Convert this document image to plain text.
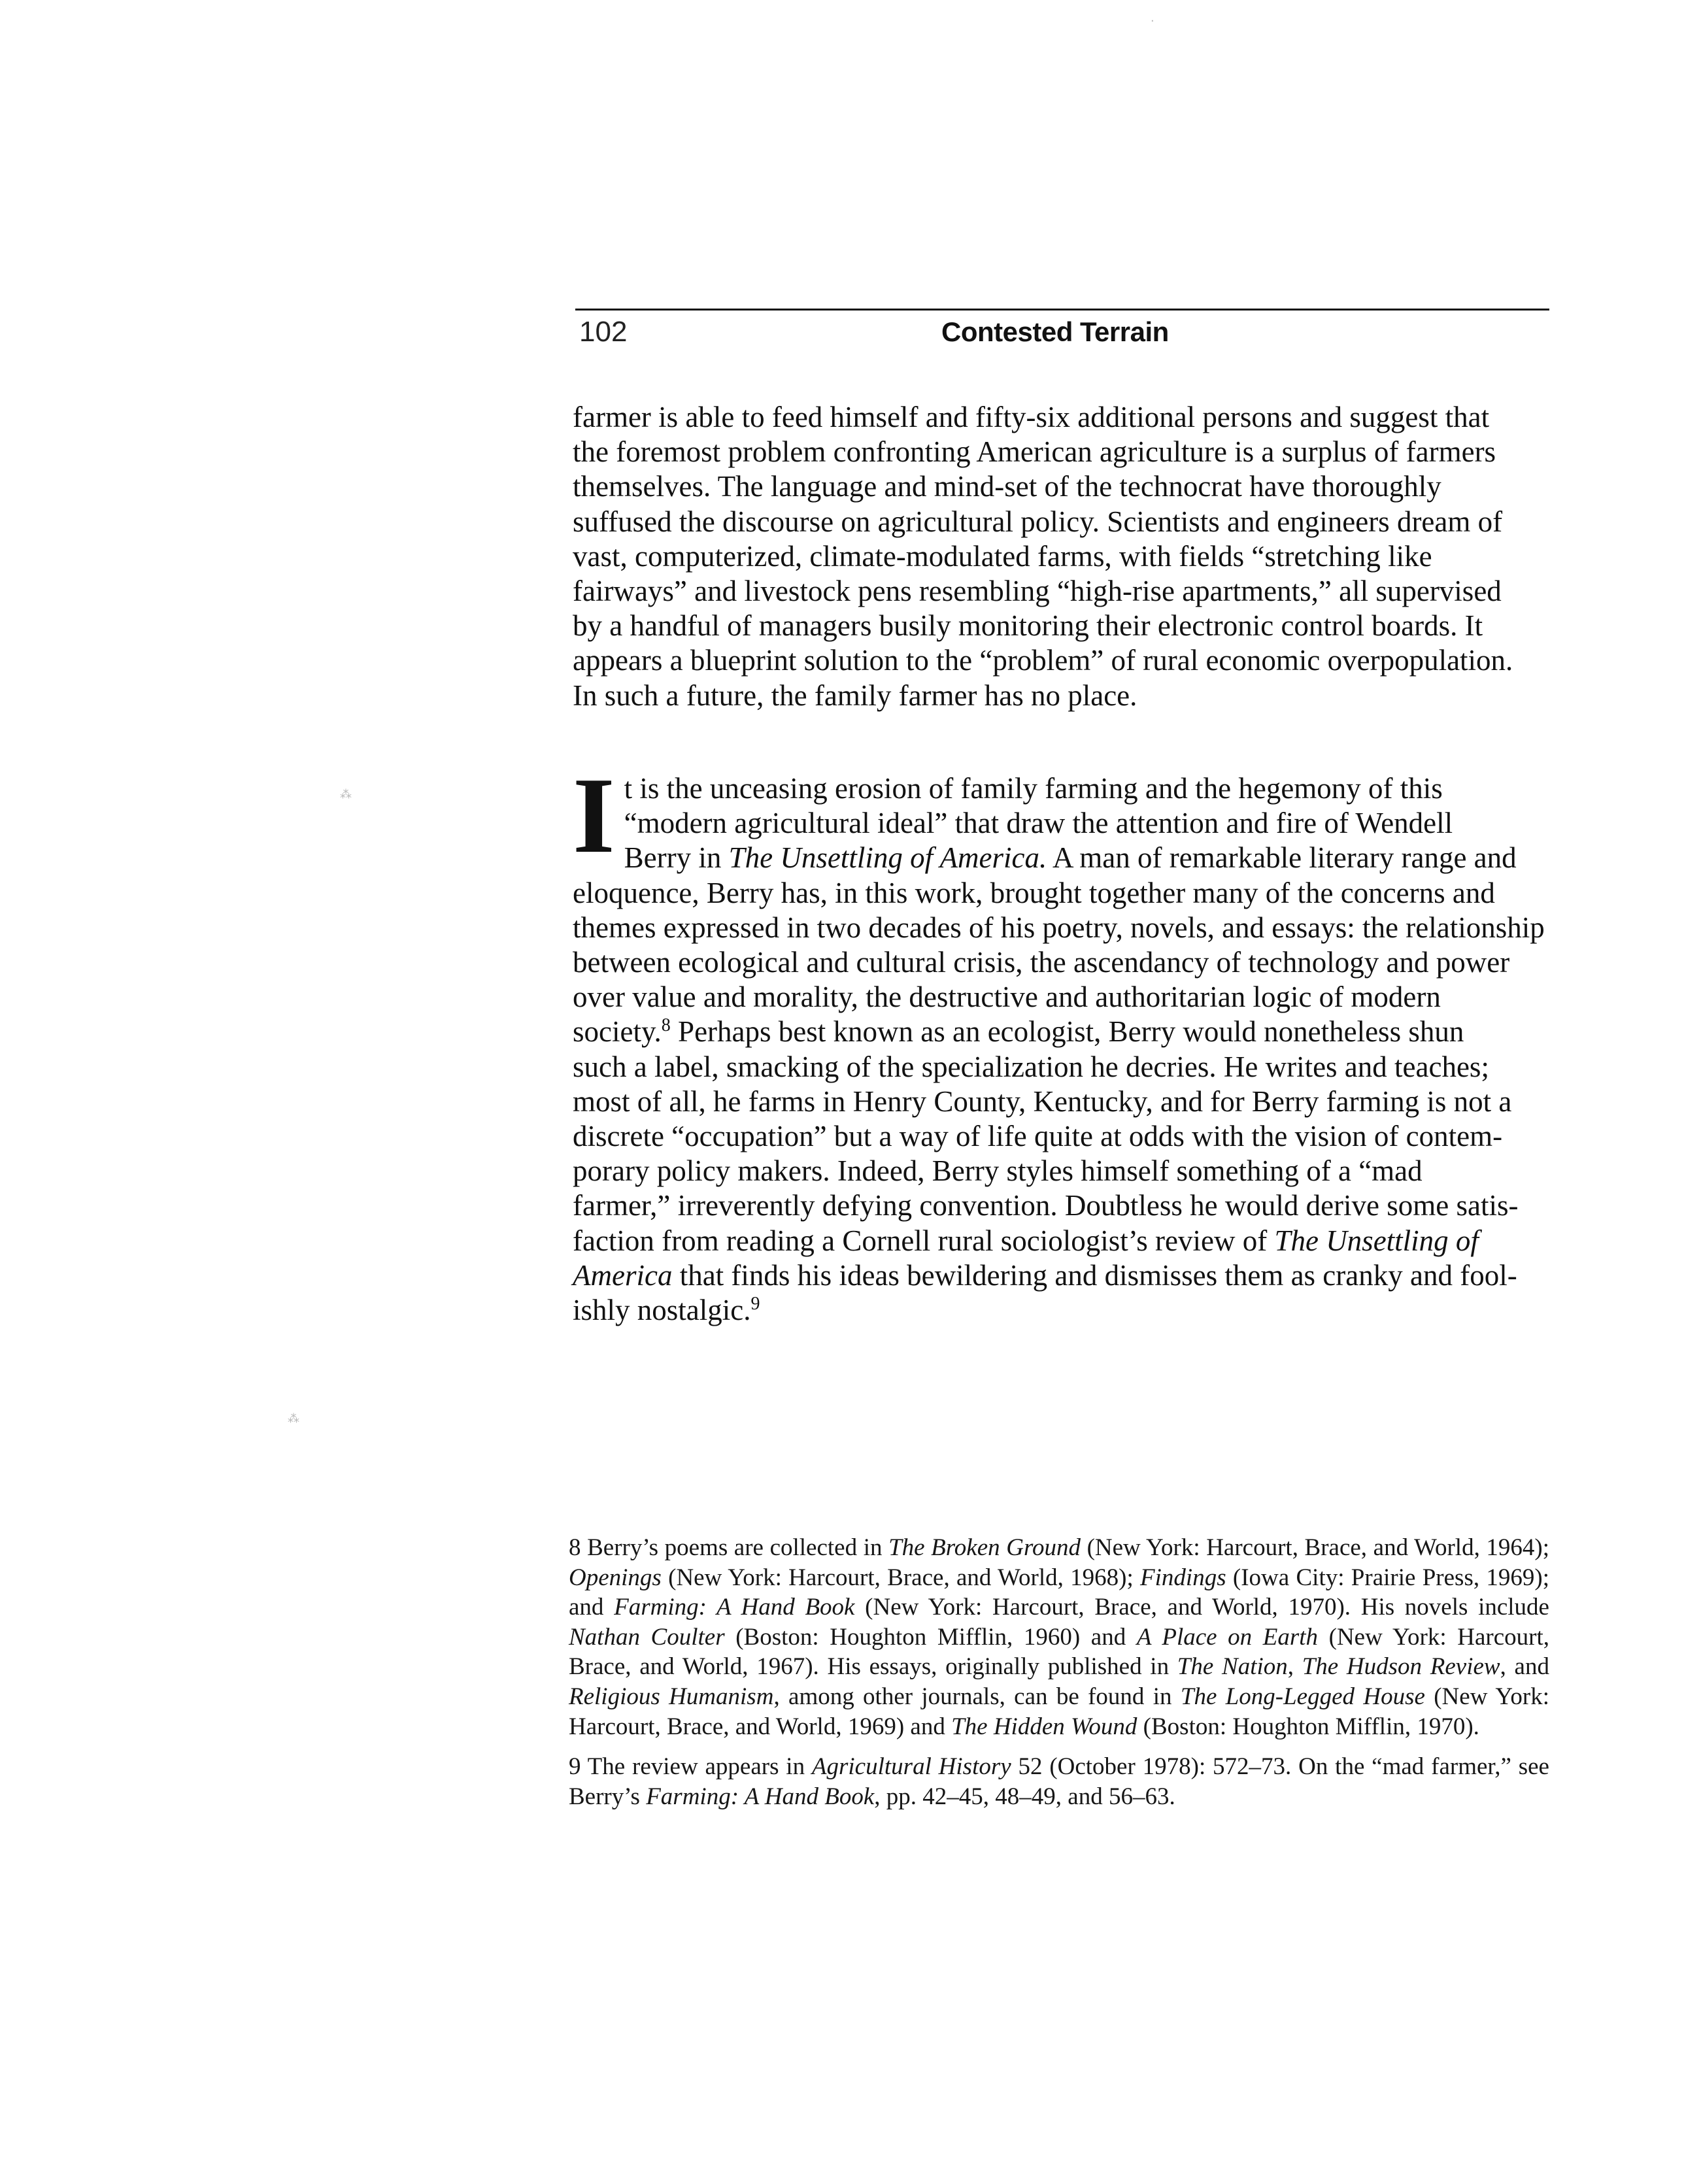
102	Contested Terrain
farmer is able to feed himself and fifty-six additional persons and suggest that
the foremost problem confronting American agriculture is a surplus of farmers
themselves. The language and mind-set of the technocrat have thoroughly
suffused the discourse on agricultural policy. Scientists and engineers dream of
vast, computerized, climate-modulated farms, with fields “stretching like
fairways” and livestock pens resembling “high-rise apartments,” all supervised
by a handful of managers busily monitoring their electronic control boards. It
appears a blueprint solution to the “problem” of rural economic overpopulation.
In such a future, the family farmer has no place.
I t is the unceasing erosion of family farming and the hegemony of this
“modern agricultural ideal” that draw the attention and fire of Wendell
Berry in The Unsettling of America. A man of remarkable literary range and
eloquence, Berry has, in this work, brought together many of the concerns and
themes expressed in two decades of his poetry, novels, and essays: the relationship
between ecological and cultural crisis, the ascendancy of technology and power
over value and morality, the destructive and authoritarian logic of modern
society.$^8$ Perhaps best known as an ecologist, Berry would nonetheless shun
such a label, smacking of the specialization he decries. He writes and teaches;
most of all, he farms in Henry County, Kentucky, and for Berry farming is not a
discrete “occupation” but a way of life quite at odds with the vision of contem-
porary policy makers. Indeed, Berry styles himself something of a “mad
farmer,” irreverently defying convention. Doubtless he would derive some satis-
faction from reading a Cornell rural sociologist’s review of The Unsettling of
America that finds his ideas bewildering and dismisses them as cranky and fool-
ishly nostalgic.$^9$

8 Berry’s poems are collected in The Broken Ground (New York: Harcourt, Brace, and World, 1964); Openings (New York: Harcourt, Brace, and World, 1968); Findings (Iowa City: Prairie Press, 1969); and Farming: A Hand Book (New York: Harcourt, Brace, and World, 1970). His novels include Nathan Coulter (Boston: Houghton Mifflin, 1960) and A Place on Earth (New York: Harcourt, Brace, and World, 1967). His essays, originally published in The Nation, The Hudson Review, and Religious Humanism, among other journals, can be found in The Long-Legged House (New York: Harcourt, Brace, and World, 1969) and The Hidden Wound (Boston: Houghton Mifflin, 1970).

9 The review appears in Agricultural History 52 (October 1978): 572–73. On the “mad farmer,” see Berry’s Farming: A Hand Book, pp. 42–45, 48–49, and 56–63.

⁂
⁂
·
